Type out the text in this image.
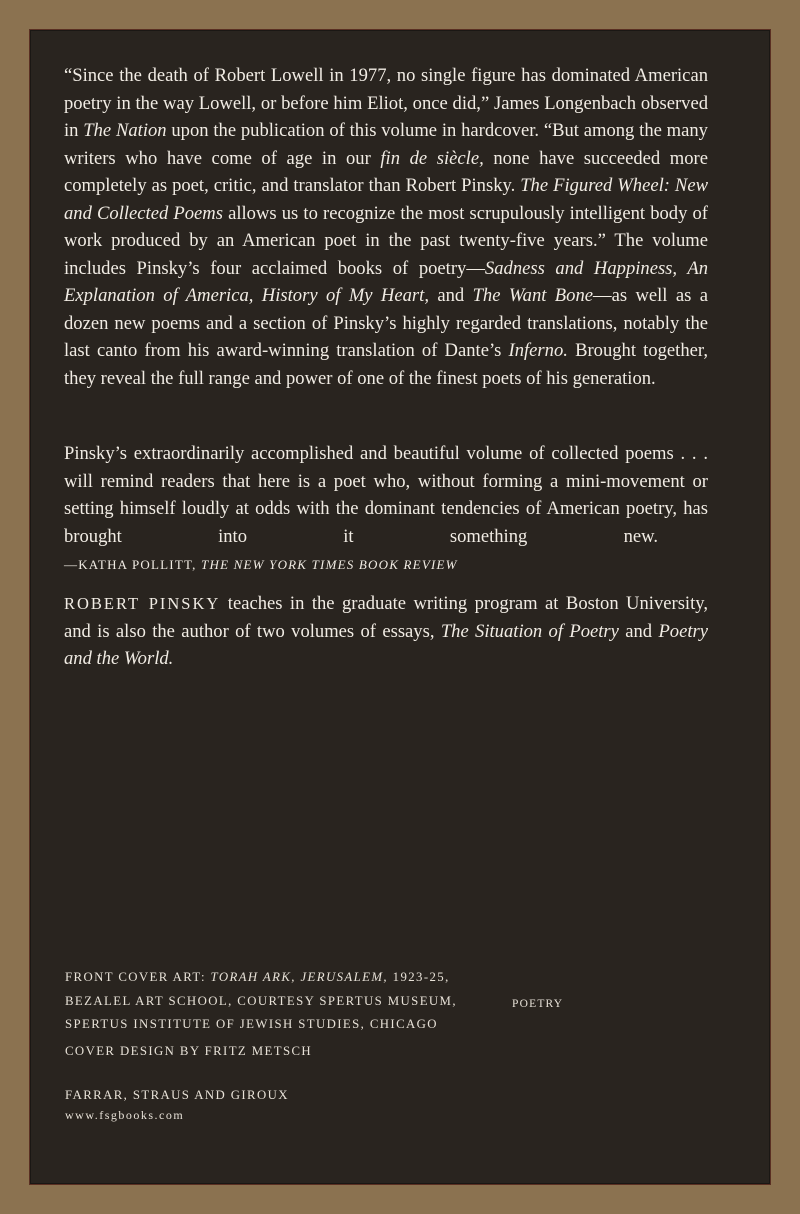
“Since the death of Robert Lowell in 1977, no single figure has dominated American poetry in the way Lowell, or before him Eliot, once did,” James Longenbach observed in The Nation upon the publication of this volume in hardcover. “But among the many writers who have come of age in our fin de siècle, none have succeeded more completely as poet, critic, and translator than Robert Pinsky. The Figured Wheel: New and Collected Poems allows us to recognize the most scrupulously intelligent body of work produced by an American poet in the past twenty-five years.” The volume includes Pinsky’s four acclaimed books of poetry—Sadness and Happiness, An Explanation of America, History of My Heart, and The Want Bone—as well as a dozen new poems and a section of Pinsky’s highly regarded translations, notably the last canto from his award-winning translation of Dante’s Inferno. Brought together, they reveal the full range and power of one of the finest poets of his generation.
Pinsky’s extraordinarily accomplished and beautiful volume of collected poems . . . will remind readers that here is a poet who, without forming a mini-movement or setting himself loudly at odds with the dominant tendencies of American poetry, has brought into it something new.—KATHA POLLITT, THE NEW YORK TIMES BOOK REVIEW
ROBERT PINSKY teaches in the graduate writing program at Boston University, and is also the author of two volumes of essays, The Situation of Poetry and Poetry and the World.
FRONT COVER ART: TORAH ARK, JERUSALEM, 1923-25,
BEZALEL ART SCHOOL, COURTESY SPERTUS MUSEUM,
SPERTUS INSTITUTE OF JEWISH STUDIES, CHICAGO
COVER DESIGN BY FRITZ METSCH
FARRAR, STRAUS AND GIROUX
www.fsgbooks.com
POETRY
